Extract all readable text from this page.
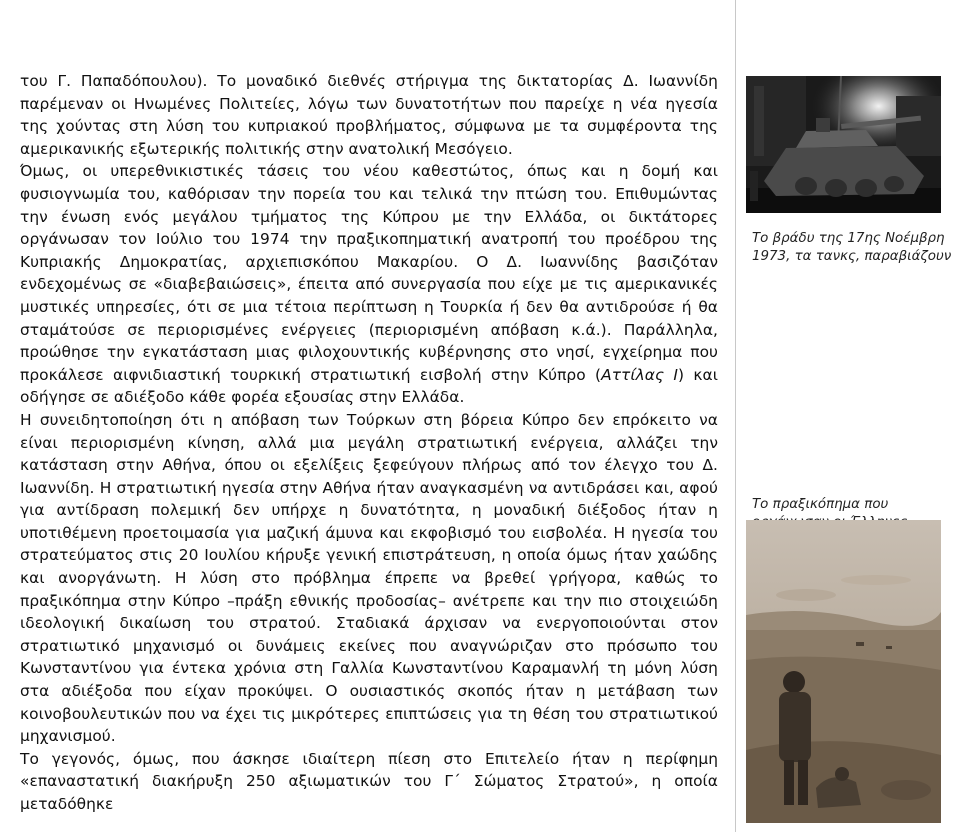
του Γ. Παπαδόπουλου). Το μοναδικό διεθνές στήριγμα της δικτατορίας Δ. Ιωαννίδη παρέμεναν οι Ηνωμένες Πολιτείες, λόγω των δυνατοτήτων που παρείχε η νέα ηγεσία της χούντας στη λύση του κυπριακού προβλήματος, σύμφωνα με τα συμφέροντα της αμερικανικής εξωτερικής πολιτικής στην ανατολική Μεσόγειο.

Όμως, οι υπερεθνικιστικές τάσεις του νέου καθεστώτος, όπως και η δομή και φυσιογνωμία του, καθόρισαν την πορεία του και τελικά την πτώση του. Επιθυμώντας την ένωση ενός μεγάλου τμήματος της Κύπρου με την Ελλάδα, οι δικτάτορες οργάνωσαν τον Ιούλιο του 1974 την πραξικοπηματική ανατροπή του προέδρου της Κυπριακής Δημοκρατίας, αρχιεπισκόπου Μακαρίου. Ο Δ. Ιωαννίδης βασιζόταν ενδεχομένως σε «διαβεβαιώσεις», έπειτα από συνεργασία που είχε με τις αμερικανικές μυστικές υπηρεσίες, ότι σε μια τέτοια περίπτωση η Τουρκία ή δεν θα αντιδρούσε ή θα σταμάτούσε σε περιορισμένες ενέργειες (περιορισμένη απόβαση κ.ά.). Παράλληλα, προώθησε την εγκατάσταση μιας φιλοχουντικής κυβέρνησης στο νησί, εγχείρημα που προκάλεσε αιφνιδιαστική τουρκική στρατιωτική εισβολή στην Κύπρο (Αττίλας Ι) και οδήγησε σε αδιέξοδο κάθε φορέα εξουσίας στην Ελλάδα.

Η συνειδητοποίηση ότι η απόβαση των Τούρκων στη βόρεια Κύπρο δεν επρόκειτο να είναι περιορισμένη κίνηση, αλλά μια μεγάλη στρατιωτική ενέργεια, αλλάζει την κατάσταση στην Αθήνα, όπου οι εξελίξεις ξεφεύγουν πλήρως από τον έλεγχο του Δ. Ιωαννίδη. Η στρατιωτική ηγεσία στην Αθήνα ήταν αναγκασμένη να αντιδράσει και, αφού για αντίδραση πολεμική δεν υπήρχε η δυνατότητα, η μοναδική διέξοδος ήταν η υποτιθέμενη προετοιμασία για μαζική άμυνα και εκφοβισμό του εισβολέα. Η ηγεσία του στρατεύματος στις 20 Ιουλίου κήρυξε γενική επιστράτευση, η οποία όμως ήταν χαώδης και ανοργάνωτη. Η λύση στο πρόβλημα έπρεπε να βρεθεί γρήγορα, καθώς το πραξικόπημα στην Κύπρο –πράξη εθνικής προδοσίας– ανέτρεπε και την πιο στοιχειώδη ιδεολογική δικαίωση του στρατού. Σταδιακά άρχισαν να ενεργοποιούνται στον στρατιωτικό μηχανισμό οι δυνάμεις εκείνες που αναγνώριζαν στο πρόσωπο του Κωνσταντίνου για έντεκα χρόνια στη Γαλλία Κωνσταντίνου Καραμανλή τη μόνη λύση στα αδιέξοδα που είχαν προκύψει. Ο ουσιαστικός σκοπός ήταν η μετάβαση των κοινοβουλευτικών που να έχει τις μικρότερες επιπτώσεις για τη θέση του στρατιωτικού μηχανισμού.

Το γεγονός, όμως, που άσκησε ιδιαίτερη πίεση στο Επιτελείο ήταν η περίφημη «επαναστατική διακήρυξη 250 αξιωματικών του Γ΄ Σώματος Στρατού», η οποία μεταδόθηκε

Το βράδυ της 17ης Νοέμβρη 1973, τα τανκς, παραβιάζουν
Το πραξικόπημα που
